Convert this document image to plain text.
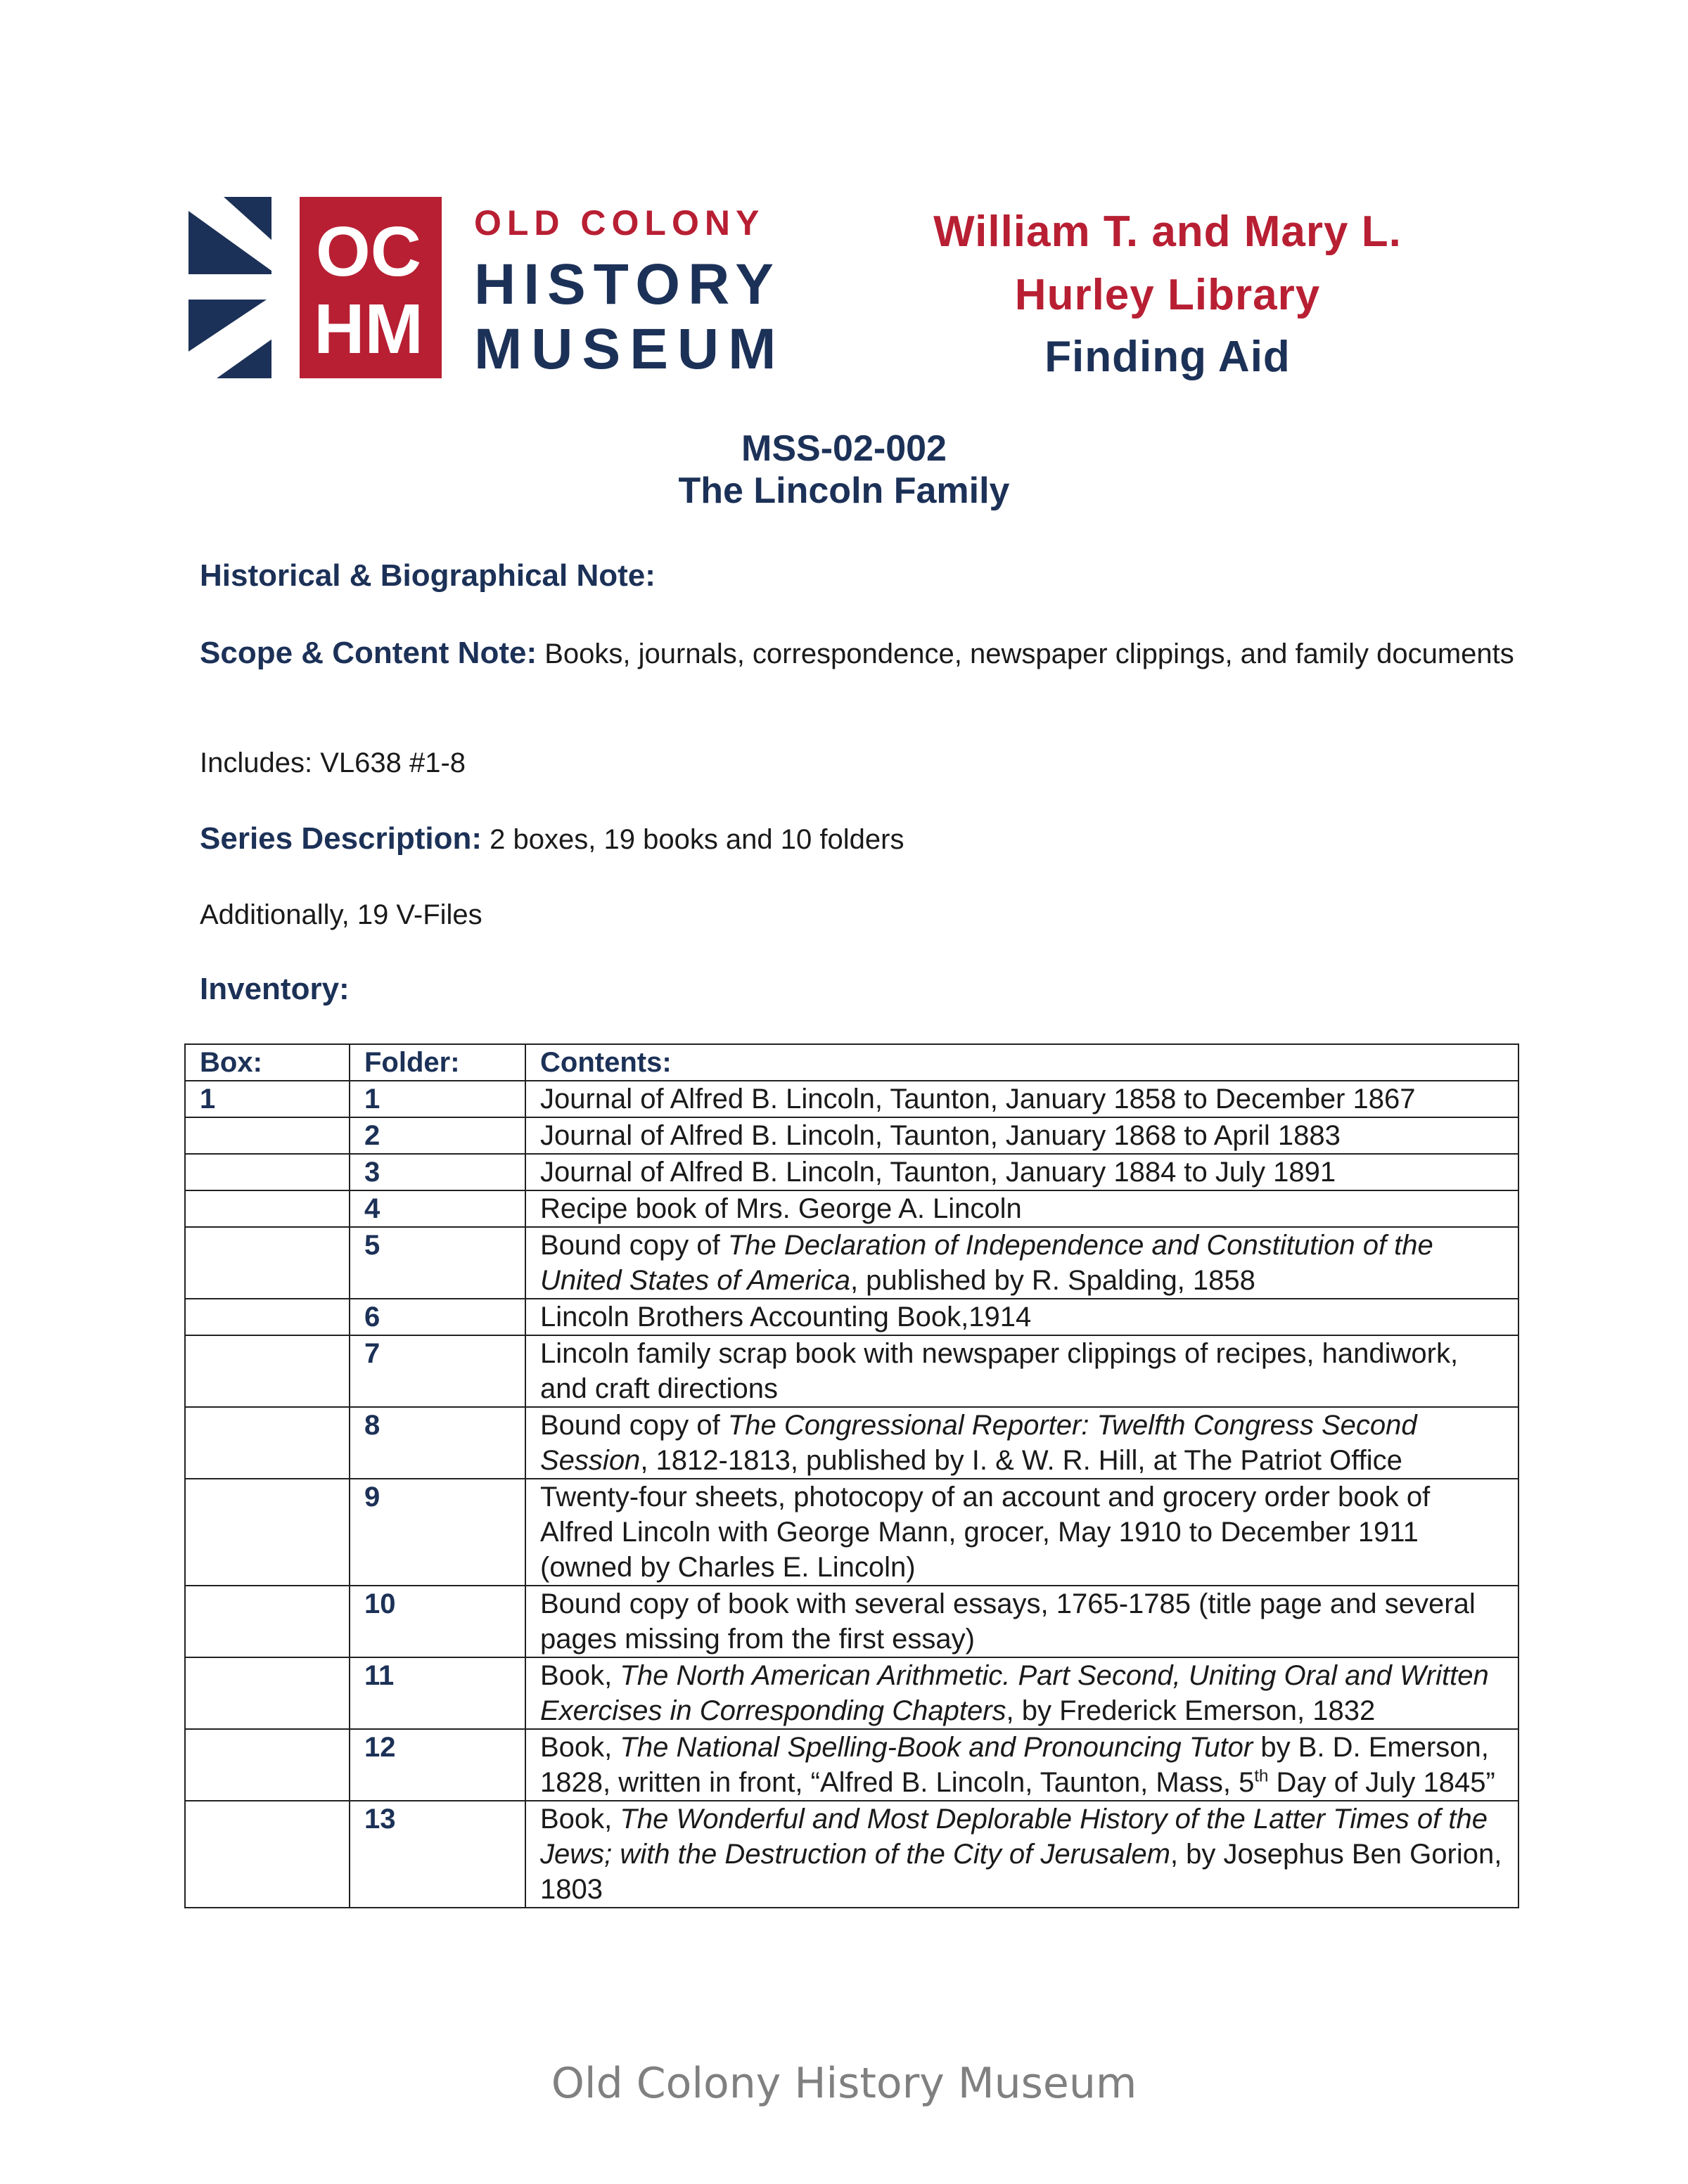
OC
HM
OLD COLONY
HISTORY
MUSEUM
William T. and Mary L.
Hurley Library
Finding Aid
MSS-02-002
The Lincoln Family
Historical & Biographical Note:
Scope & Content Note: Books, journals, correspondence, newspaper clippings, and family documents
Includes: VL638 #1-8
Series Description: 2 boxes, 19 books and 10 folders
Additionally, 19 V-Files
Inventory:
Box:	Folder:	Contents:
1	1	Journal of Alfred B. Lincoln, Taunton, January 1858 to December 1867
	2	Journal of Alfred B. Lincoln, Taunton, January 1868 to April 1883
	3	Journal of Alfred B. Lincoln, Taunton, January 1884 to July 1891
	4	Recipe book of Mrs. George A. Lincoln
	5	Bound copy of The Declaration of Independence and Constitution of the United States of America, published by R. Spalding, 1858
	6	Lincoln Brothers Accounting Book,1914
	7	Lincoln family scrap book with newspaper clippings of recipes, handiwork, and craft directions
	8	Bound copy of The Congressional Reporter: Twelfth Congress Second Session, 1812-1813, published by I. & W. R. Hill, at The Patriot Office
	9	Twenty-four sheets, photocopy of an account and grocery order book of Alfred Lincoln with George Mann, grocer, May 1910 to December 1911 (owned by Charles E. Lincoln)
	10	Bound copy of book with several essays, 1765-1785 (title page and several pages missing from the first essay)
	11	Book, The North American Arithmetic. Part Second, Uniting Oral and Written Exercises in Corresponding Chapters, by Frederick Emerson, 1832
	12	Book, The National Spelling-Book and Pronouncing Tutor by B. D. Emerson, 1828, written in front, “Alfred B. Lincoln, Taunton, Mass, 5th Day of July 1845”
	13	Book, The Wonderful and Most Deplorable History of the Latter Times of the Jews; with the Destruction of the City of Jerusalem, by Josephus Ben Gorion, 1803
Old Colony History Museum
